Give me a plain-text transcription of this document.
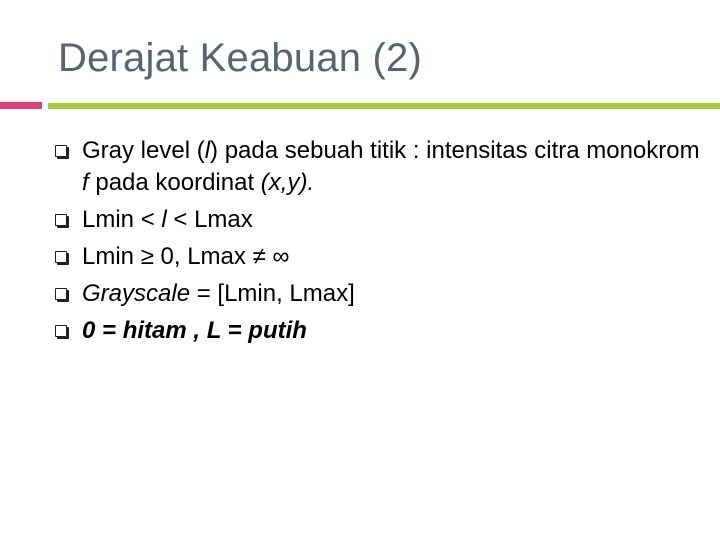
Derajat Keabuan (2)
Gray level (l) pada sebuah titik : intensitas citra monokrom f pada koordinat (x,y).
Lmin < l < Lmax
Lmin ≥ 0, Lmax ≠ ∞
Grayscale = [Lmin, Lmax]
0 = hitam , L = putih
